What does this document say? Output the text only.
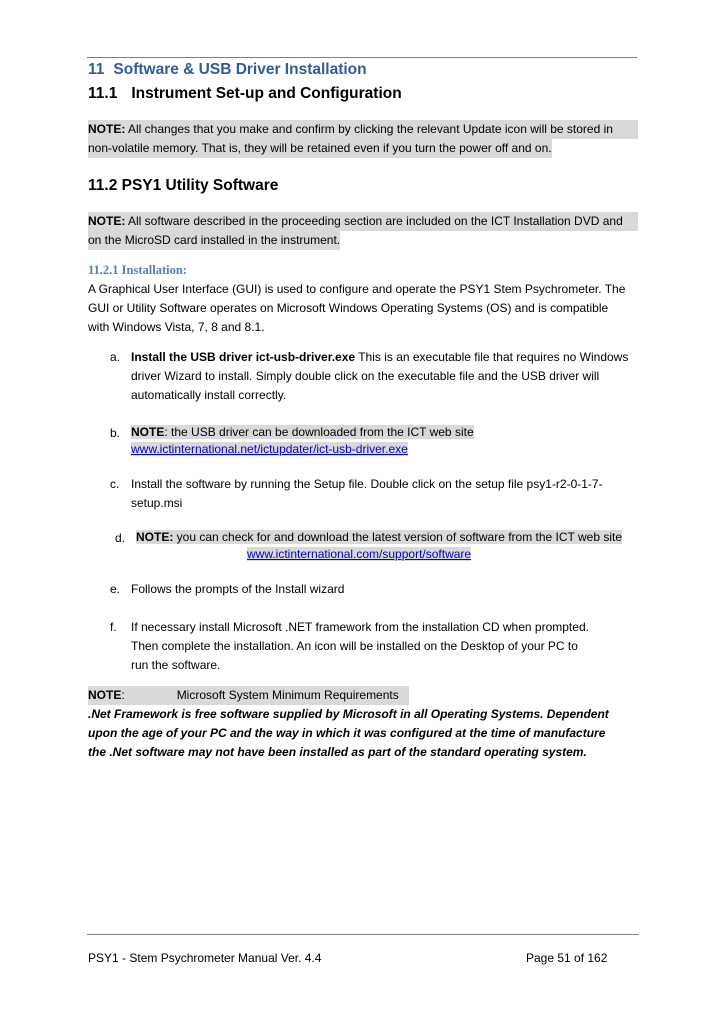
11 Software & USB Driver Installation
11.1 Instrument Set-up and Configuration
NOTE: All changes that you make and confirm by clicking the relevant Update icon will be stored in
non-volatile memory. That is, they will be retained even if you turn the power off and on.
11.2 PSY1 Utility Software
NOTE: All software described in the proceeding section are included on the ICT Installation DVD and
on the MicroSD card installed in the instrument.
11.2.1 Installation:
A Graphical User Interface (GUI) is used to configure and operate the PSY1 Stem Psychrometer. The
GUI or Utility Software operates on Microsoft Windows Operating Systems (OS) and is compatible
with Windows Vista, 7, 8 and 8.1.
a. Install the USB driver ict-usb-driver.exe This is an executable file that requires no Windows
driver Wizard to install. Simply double click on the executable file and the USB driver will
automatically install correctly.
b. NOTE: the USB driver can be downloaded from the ICT web site
www.ictinternational.net/ictupdater/ict-usb-driver.exe
c. Install the software by running the Setup file. Double click on the setup file psy1-r2-0-1-7-
setup.msi
d. NOTE: you can check for and download the latest version of software from the ICT web site
www.ictinternational.com/support/software
e. Follows the prompts of the Install wizard
f. If necessary install Microsoft .NET framework from the installation CD when prompted.
Then complete the installation. An icon will be installed on the Desktop of your PC to
run the software.
NOTE:	Microsoft System Minimum Requirements
.Net Framework is free software supplied by Microsoft in all Operating Systems. Dependent
upon the age of your PC and the way in which it was configured at the time of manufacture
the .Net software may not have been installed as part of the standard operating system.
PSY1 - Stem Psychrometer Manual Ver. 4.4	Page 51 of 162
